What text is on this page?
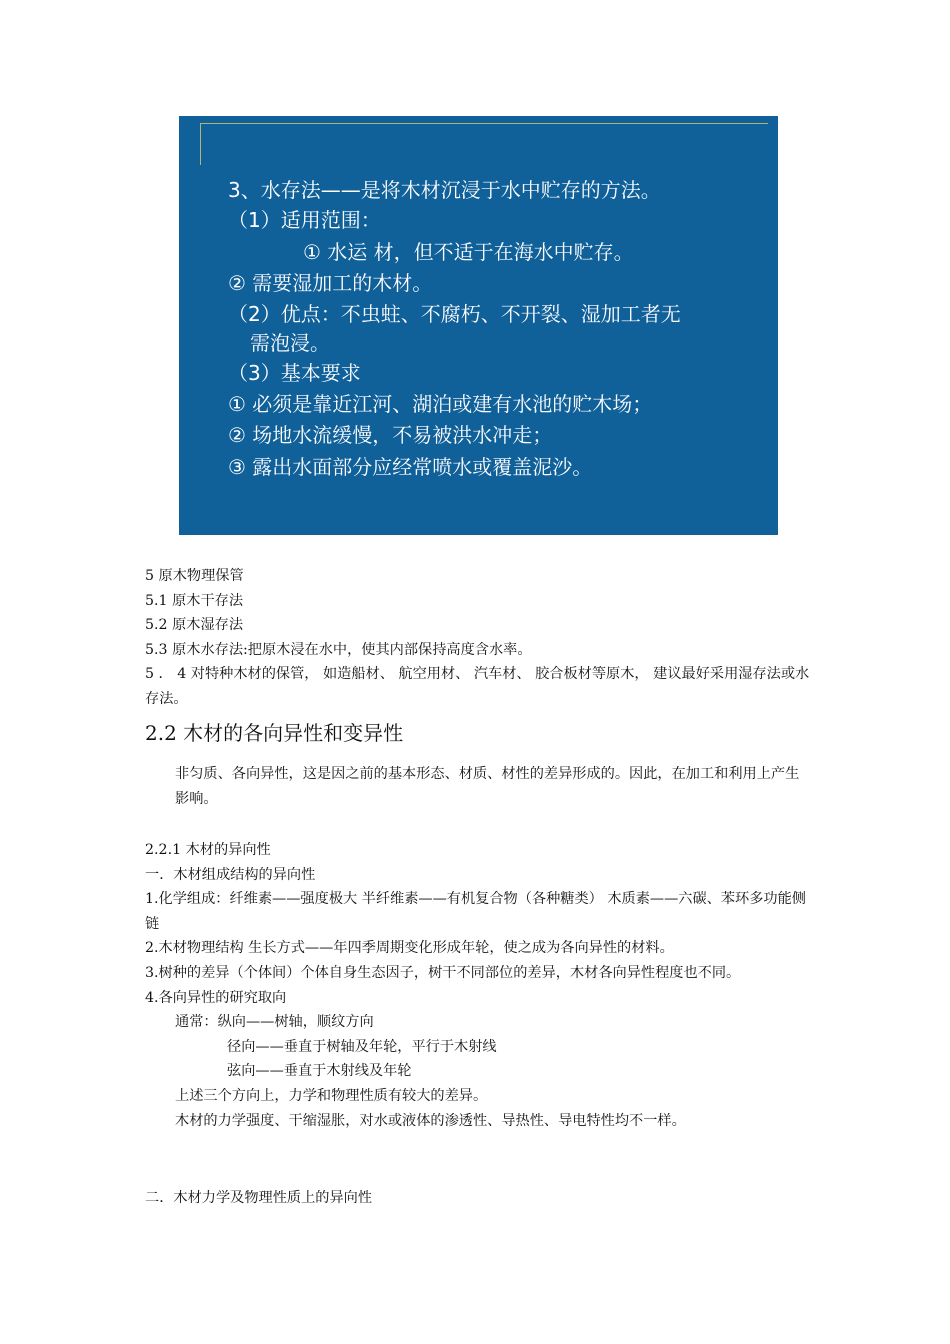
3、水存法——是将木材沉浸于水中贮存的方法。
（1）适用范围：
① 水运 材，但不适于在海水中贮存。
② 需要湿加工的木材。
（2）优点：不虫蛀、不腐朽、不开裂、湿加工者无
需泡浸。
（3）基本要求
① 必须是靠近江河、湖泊或建有水池的贮木场；
② 场地水流缓慢，不易被洪水冲走；
③ 露出水面部分应经常喷水或覆盖泥沙。

5 原木物理保管

5.1 原木干存法

5.2 原木湿存法

5.3 原木水存法:把原木浸在水中，使其内部保持高度含水率。

5 ． 4 对特种木材的保管， 如造船材、 航空用材、 汽车材、 胶合板材等原木， 建议最好采用湿存法或水存法。

2.2 木材的各向异性和变异性

非匀质、各向异性，这是因之前的基本形态、材质、材性的差异形成的。因此，在加工和利用上产生影响。

2.2.1 木材的异向性

一．木材组成结构的异向性

1.化学组成：纤维素——强度极大 半纤维素——有机复合物（各种糖类） 木质素——六碳、苯环多功能侧链

2.木材物理结构 生长方式——年四季周期变化形成年轮，使之成为各向异性的材料。

3.树种的差异（个体间）个体自身生态因子，树干不同部位的差异，木材各向异性程度也不同。

4.各向异性的研究取向

通常：纵向——树轴，顺纹方向

径向——垂直于树轴及年轮，平行于木射线

弦向——垂直于木射线及年轮

上述三个方向上，力学和物理性质有较大的差异。

木材的力学强度、干缩湿胀，对水或液体的渗透性、导热性、导电特性均不一样。

二．木材力学及物理性质上的异向性
